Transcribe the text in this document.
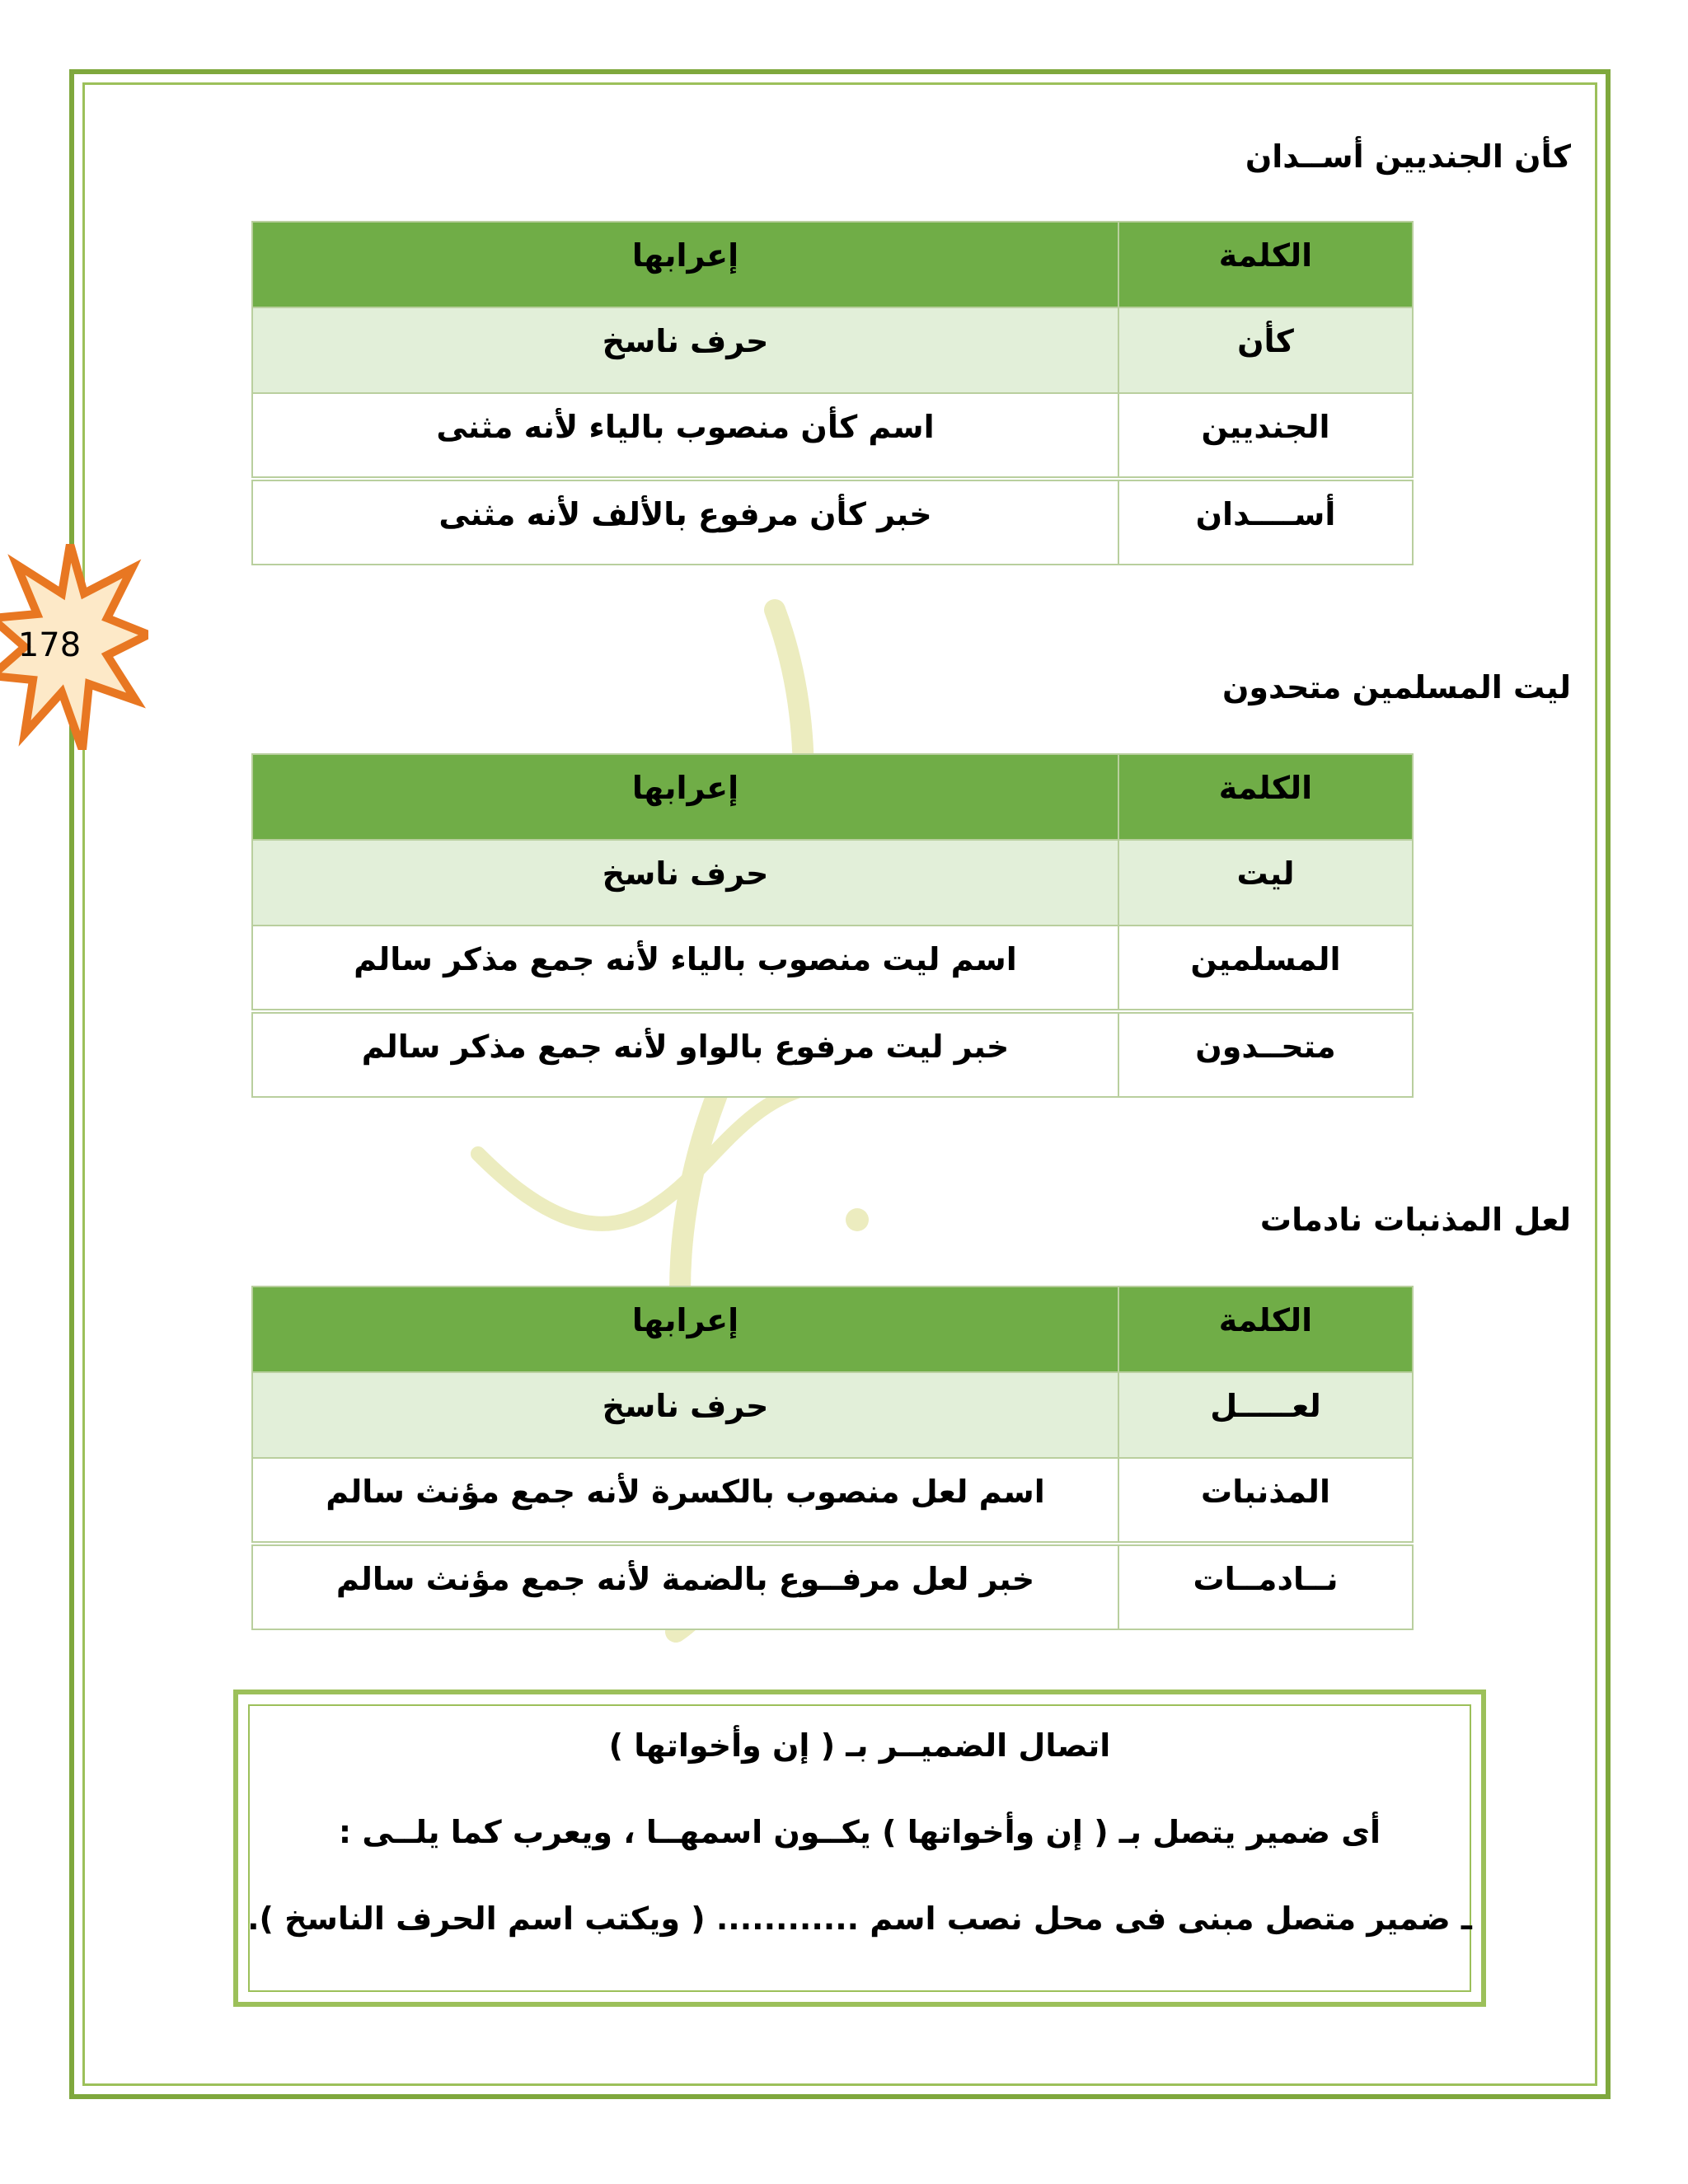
178
كأن الجنديين أســدان
الكلمة	إعرابها
كأن	حرف ناسخ
الجنديين	اسم كأن منصوب بالياء لأنه مثنى
أســــدان	خبر كأن مرفوع بالألف لأنه مثنى
ليت المسلمين متحدون
الكلمة	إعرابها
ليت	حرف ناسخ
المسلمين	اسم ليت منصوب بالياء لأنه جمع مذكر سالم
متحــدون	خبر ليت مرفوع بالواو لأنه جمع مذكر سالم
لعل المذنبات نادمات
الكلمة	إعرابها
لعـــــل	حرف ناسخ
المذنبات	اسم لعل منصوب بالكسرة لأنه جمع مؤنث سالم
نــادمــات	خبر لعل مرفــوع بالضمة لأنه جمع مؤنث سالم
اتصال الضميــر بـ ( إن وأخواتها )
أى ضمير يتصل بـ ( إن وأخواتها ) يكــون اسمهــا ، ويعرب كما يلــى :
ـ ضمير متصل مبنى فى محل نصب اسم ............ ( ويكتب اسم الحرف الناسخ ).
